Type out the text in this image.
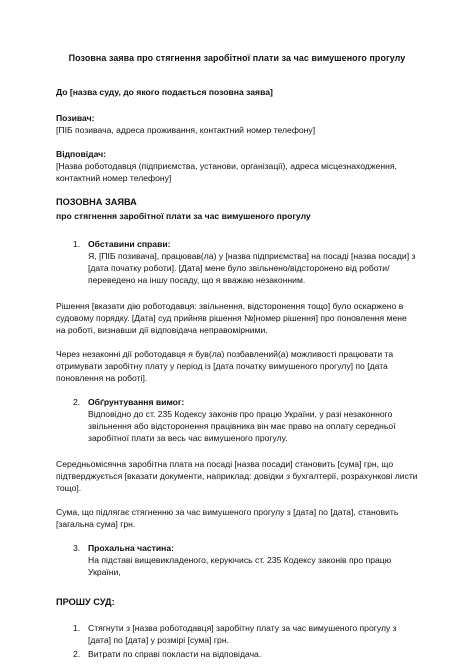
Позовна заява про стягнення заробітної плати за час вимушеного прогулу
До [назва суду, до якого подається позовна заява]
Позивач:
[ПІБ позивача, адреса проживання, контактний номер телефону]
Відповідач:
[Назва роботодавця (підприємства, установи, організації), адреса місцезнаходження, контактний номер телефону]
ПОЗОВНА ЗАЯВА
про стягнення заробітної плати за час вимушеного прогулу
1. Обставини справи:
Я, [ПІБ позивача], працював(ла) у [назва підприємства] на посаді [назва посади] з [дата початку роботи]. [Дата] мене було звільнено/відсторонено від роботи/переведено на іншу посаду, що я вважаю незаконним.
Рішення [вказати дію роботодавця: звільнення, відсторонення тощо] було оскаржено в судовому порядку. [Дата] суд прийняв рішення №[номер рішення] про поновлення мене на роботі, визнавши дії відповідача неправомірними.
Через незаконні дії роботодавця я був(ла) позбавлений(а) можливості працювати та отримувати заробітну плату у період із [дата початку вимушеного прогулу] по [дата поновлення на роботі].
2. Обґрунтування вимог:
Відповідно до ст. 235 Кодексу законів про працю України, у разі незаконного звільнення або відсторонення працівника він має право на оплату середньої заробітної плати за весь час вимушеного прогулу.
Середньомісячна заробітна плата на посаді [назва посади] становить [сума] грн, що підтверджується [вказати документи, наприклад: довідки з бухгалтерії, розрахункові листи тощо].
Сума, що підлягає стягненню за час вимушеного прогулу з [дата] по [дата], становить [загальна сума] грн.
3. Прохальна частина:
На підставі вищевикладеного, керуючись ст. 235 Кодексу законів про працю України,
ПРОШУ СУД:
1. Стягнути з [назва роботодавця] заробітну плату за час вимушеного прогулу з [дата] по [дата] у розмірі [сума] грн.
2. Витрати по справі покласти на відповідача.
